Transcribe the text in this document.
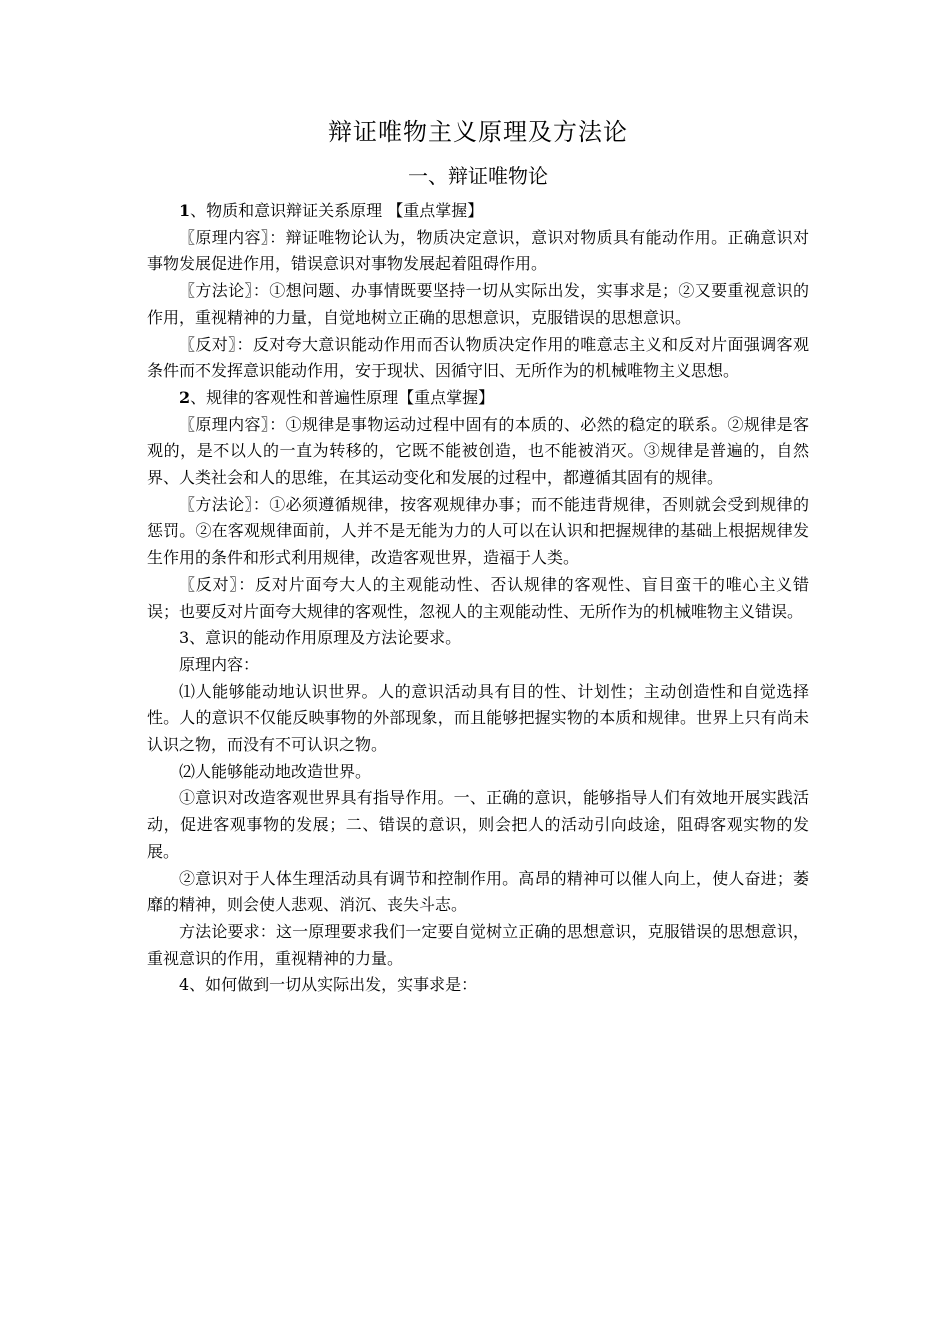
辩证唯物主义原理及方法论
一、辩证唯物论

1、物质和意识辩证关系原理 【重点掌握】

〖原理内容〗：辩证唯物论认为，物质决定意识，意识对物质具有能动作用。正确意识对事物发展促进作用，错误意识对事物发展起着阻碍作用。

〖方法论〗：①想问题、办事情既要坚持一切从实际出发，实事求是；②又要重视意识的作用，重视精神的力量，自觉地树立正确的思想意识，克服错误的思想意识。

〖反对〗：反对夸大意识能动作用而否认物质决定作用的唯意志主义和反对片面强调客观条件而不发挥意识能动作用，安于现状、因循守旧、无所作为的机械唯物主义思想。

2、规律的客观性和普遍性原理【重点掌握】

〖原理内容〗：①规律是事物运动过程中固有的本质的、必然的稳定的联系。②规律是客观的，是不以人的一直为转移的，它既不能被创造，也不能被消灭。③规律是普遍的，自然界、人类社会和人的思维，在其运动变化和发展的过程中，都遵循其固有的规律。

〖方法论〗：①必须遵循规律，按客观规律办事；而不能违背规律，否则就会受到规律的惩罚。②在客观规律面前，人并不是无能为力的人可以在认识和把握规律的基础上根据规律发生作用的条件和形式利用规律，改造客观世界，造福于人类。

〖反对〗：反对片面夸大人的主观能动性、否认规律的客观性、盲目蛮干的唯心主义错误；也要反对片面夸大规律的客观性，忽视人的主观能动性、无所作为的机械唯物主义错误。

3、意识的能动作用原理及方法论要求。

原理内容：

⑴人能够能动地认识世界。人的意识活动具有目的性、计划性；主动创造性和自觉选择性。人的意识不仅能反映事物的外部现象，而且能够把握实物的本质和规律。世界上只有尚未认识之物，而没有不可认识之物。

⑵人能够能动地改造世界。

①意识对改造客观世界具有指导作用。一、正确的意识，能够指导人们有效地开展实践活动，促进客观事物的发展；二、错误的意识，则会把人的活动引向歧途，阻碍客观实物的发展。

②意识对于人体生理活动具有调节和控制作用。高昂的精神可以催人向上，使人奋进；萎靡的精神，则会使人悲观、消沉、丧失斗志。

方法论要求：这一原理要求我们一定要自觉树立正确的思想意识，克服错误的思想意识，重视意识的作用，重视精神的力量。

4、如何做到一切从实际出发，实事求是：
